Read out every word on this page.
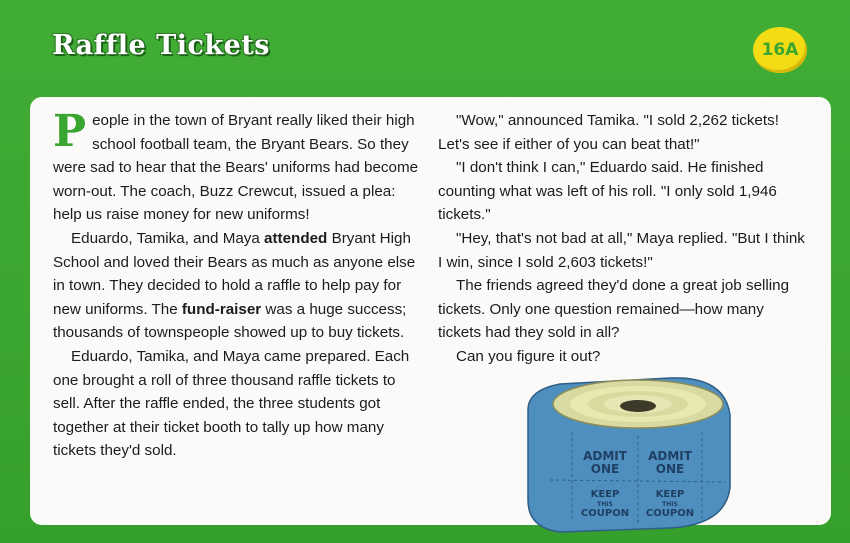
Raffle Tickets	16A

People in the town of Bryant really liked their high school football team, the Bryant Bears. So they were sad to hear that the Bears' uniforms had become worn-out. The coach, Buzz Crewcut, issued a plea: help us raise money for new uniforms!

Eduardo, Tamika, and Maya attended Bryant High School and loved their Bears as much as anyone else in town. They decided to hold a raffle to help pay for new uniforms. The fund-raiser was a huge success; thousands of townspeople showed up to buy tickets.

Eduardo, Tamika, and Maya came prepared. Each one brought a roll of three thousand raffle tickets to sell. After the raffle ended, the three students got together at their ticket booth to tally up how many tickets they'd sold.

"Wow," announced Tamika. "I sold 2,262 tickets! Let's see if either of you can beat that!"

"I don't think I can," Eduardo said. He finished counting what was left of his roll. "I only sold 1,946 tickets."

"Hey, that's not bad at all," Maya replied. "But I think I win, since I sold 2,603 tickets!"

The friends agreed they'd done a great job selling tickets. Only one question remained—how many tickets had they sold in all?

Can you figure it out?

ADMIT
ONE
ADMIT
ONE
KEEP
THIS
COUPON
KEEP
THIS
COUPON
